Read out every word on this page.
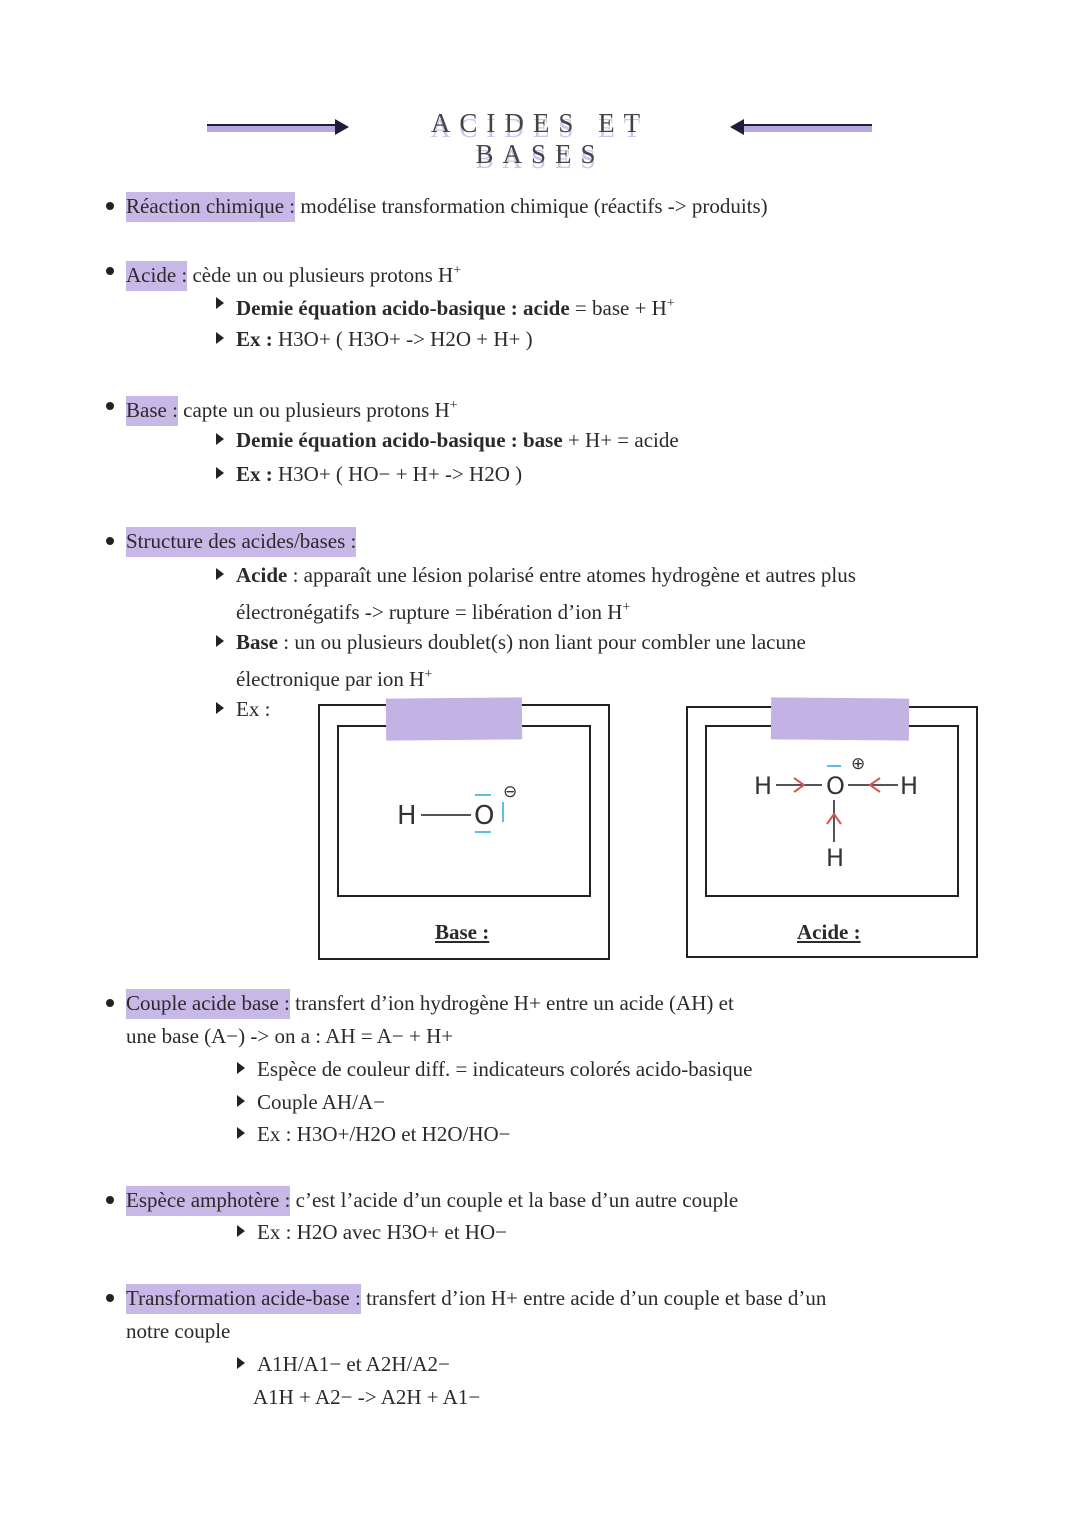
ACIDES ET BASES
Réaction chimique : modélise transformation chimique (réactifs -> produits)
Acide : cède un ou plusieurs protons H+
Demie équation acido-basique : acide = base + H+
Ex : H3O+ ( H3O+ -> H2O + H+ )
Base : capte un ou plusieurs protons H+
Demie équation acido-basique : base + H+ = acide
Ex : H3O+ ( HO− + H+ -> H2O )
Structure des acides/bases :
Acide : apparaît une lésion polarisé entre atomes hydrogène et autres plus
électronégatifs -> rupture = libération d’ion H+
Base : un ou plusieurs doublet(s) non liant pour combler une lacune
électronique par ion H+
Ex :
H O
⊖
Base :
H O
⊕
H
H
Acide :
Couple acide base : transfert d’ion hydrogène H+ entre un acide (AH) et
une base (A−) -> on a : AH = A− + H+
Espèce de couleur diff. = indicateurs colorés acido-basique
Couple AH/A−
Ex : H3O+/H2O et H2O/HO−
Espèce amphotère : c’est l’acide d’un couple et la base d’un autre couple
Ex : H2O avec H3O+ et HO−
Transformation acide-base : transfert d’ion H+ entre acide d’un couple et base d’un
notre couple
A1H/A1− et A2H/A2−
A1H + A2− -> A2H + A1−
